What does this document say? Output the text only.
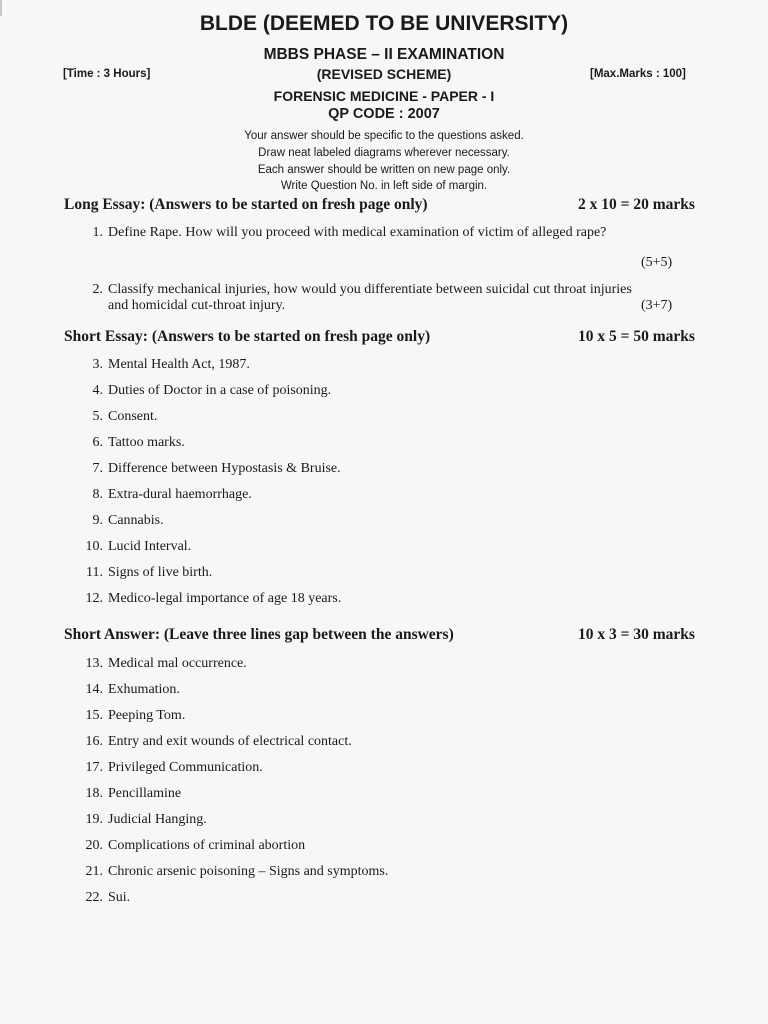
BLDE (DEEMED TO BE UNIVERSITY)
MBBS PHASE – II EXAMINATION
[Time : 3 Hours]	(REVISED SCHEME)	[Max.Marks : 100]
FORENSIC MEDICINE - PAPER - I
QP CODE : 2007
Your answer should be specific to the questions asked.
Draw neat labeled diagrams wherever necessary.
Each answer should be written on new page only.
Write Question No. in left side of margin.
Long Essay: (Answers to be started on fresh page only)	2 x 10 = 20 marks
1. Define Rape. How will you proceed with medical examination of victim of alleged rape?
(5+5)
2. Classify mechanical injuries, how would you differentiate between suicidal cut throat injuries
and homicidal cut-throat injury.	(3+7)
Short Essay: (Answers to be started on fresh page only)	10 x 5 = 50 marks
3. Mental Health Act, 1987.
4. Duties of Doctor in a case of poisoning.
5. Consent.
6. Tattoo marks.
7. Difference between Hypostasis & Bruise.
8. Extra-dural haemorrhage.
9. Cannabis.
10. Lucid Interval.
11. Signs of live birth.
12. Medico-legal importance of age 18 years.
Short Answer: (Leave three lines gap between the answers)	10 x 3 = 30 marks
13. Medical mal occurrence.
14. Exhumation.
15. Peeping Tom.
16. Entry and exit wounds of electrical contact.
17. Privileged Communication.
18. Pencillamine
19. Judicial Hanging.
20. Complications of criminal abortion
21. Chronic arsenic poisoning – Signs and symptoms.
22. Sui.
